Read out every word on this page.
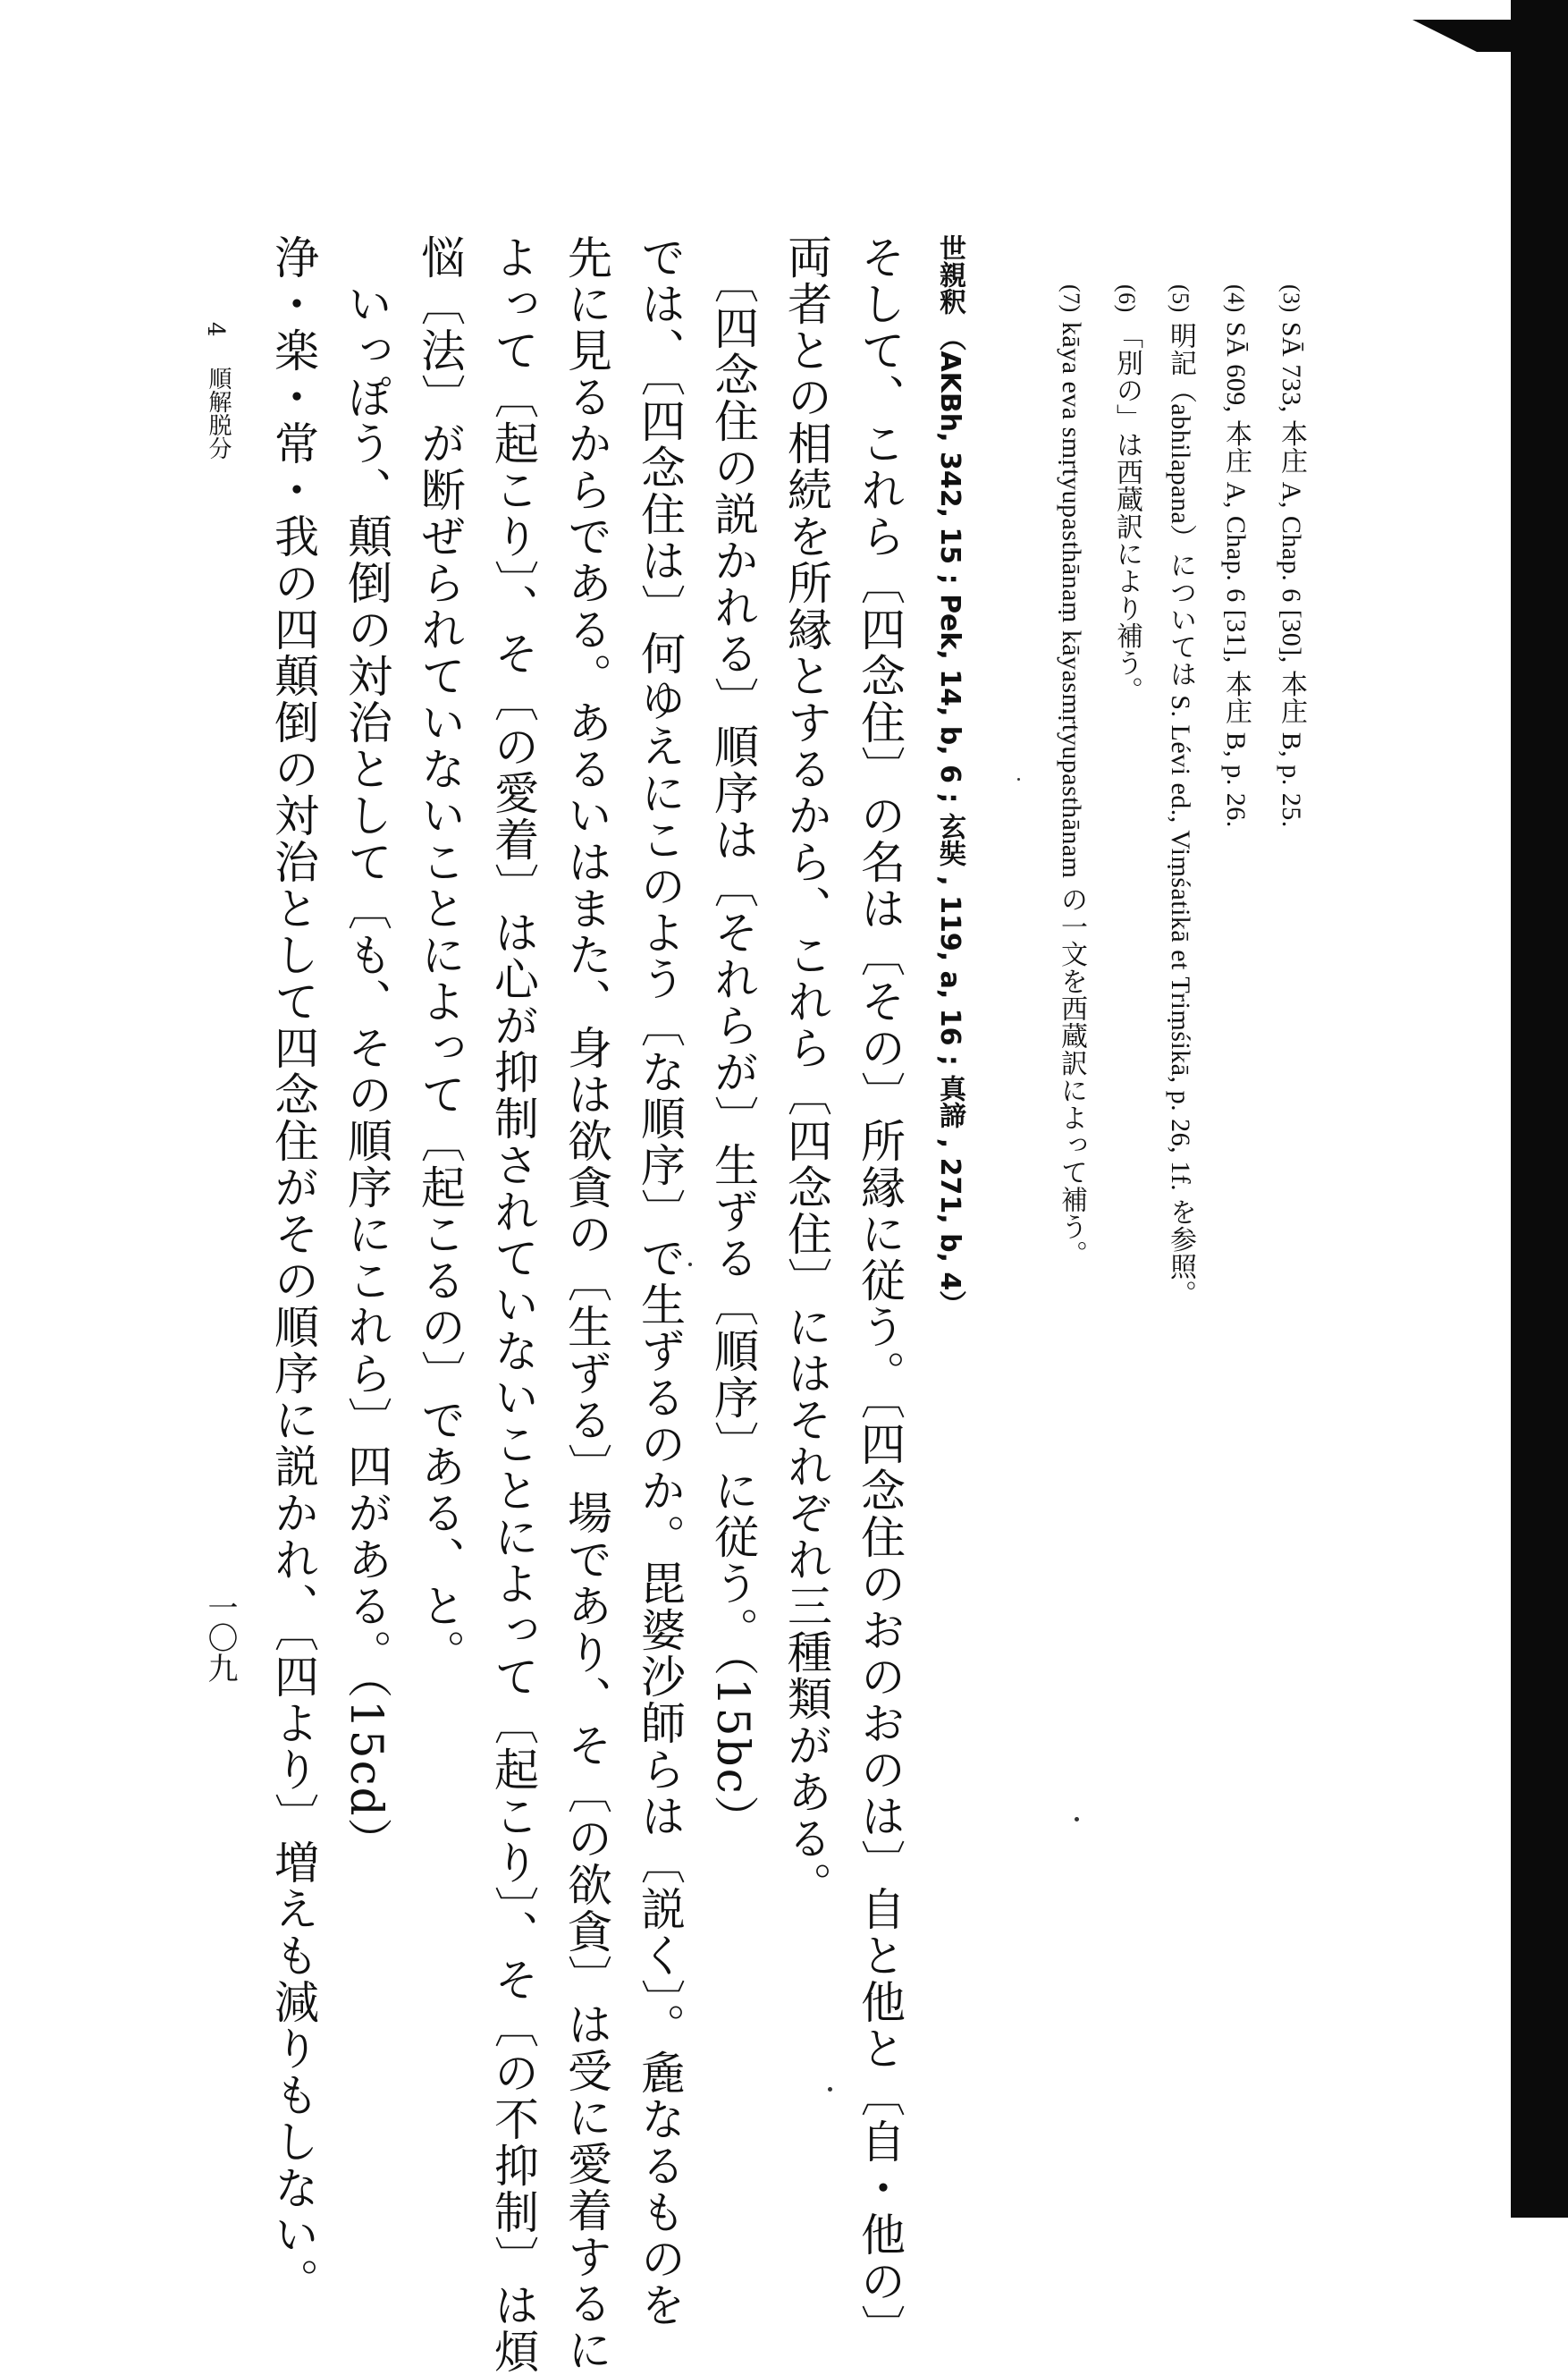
(3) SĀ 733, 本庄 A, Chap. 6 [30], 本庄 B, p. 25.
(4) SĀ 609, 本庄 A, Chap. 6 [31], 本庄 B, p. 26.
(5) 明記（abhilapana）については S. Lévi ed., Viṃśatikā et Triṃśikā, p. 26, 1f. を参照。
(6) 「別の」は西蔵訳により補う。
(7) kāya eva smṛtyupasthānaṃ kāyasmṛtyupasthānam の一文を西蔵訳によって補う。
世親釈 （AKBh, 342, 15 ; Pek, 14, b, 6 ; 玄奘 , 119, a, 16 ; 真諦 , 271, b, 4）
そして、これら〔四念住〕の名は〔その〕所縁に従う。〔四念住のおのおのは〕自と他と〔自・他の〕
両者との相続を所縁とするから、これら〔四念住〕にはそれぞれ三種類がある。
　〔四念住の説かれる〕順序は〔それらが〕生ずる〔順序〕に従う。（15bc）
では、〔四念住は〕何ゆえにこのよう〔な順序〕で生ずるのか。毘婆沙師らは〔説く〕。麁なるものを
先に見るからである。あるいはまた、身は欲貪の〔生ずる〕場であり、そ〔の欲貪〕は受に愛着するに
よって〔起こり〕、そ〔の愛着〕は心が抑制されていないことによって〔起こり〕、そ〔の不抑制〕は煩
悩〔法〕が断ぜられていないことによって〔起こるの〕である、と。
　いっぽう、顛倒の対治として〔も、その順序にこれら〕四がある。（15cd）
浄・楽・常・我の四顛倒の対治として四念住がその順序に説かれ、〔四より〕増えも減りもしない。
4
順解脱分
一〇九
